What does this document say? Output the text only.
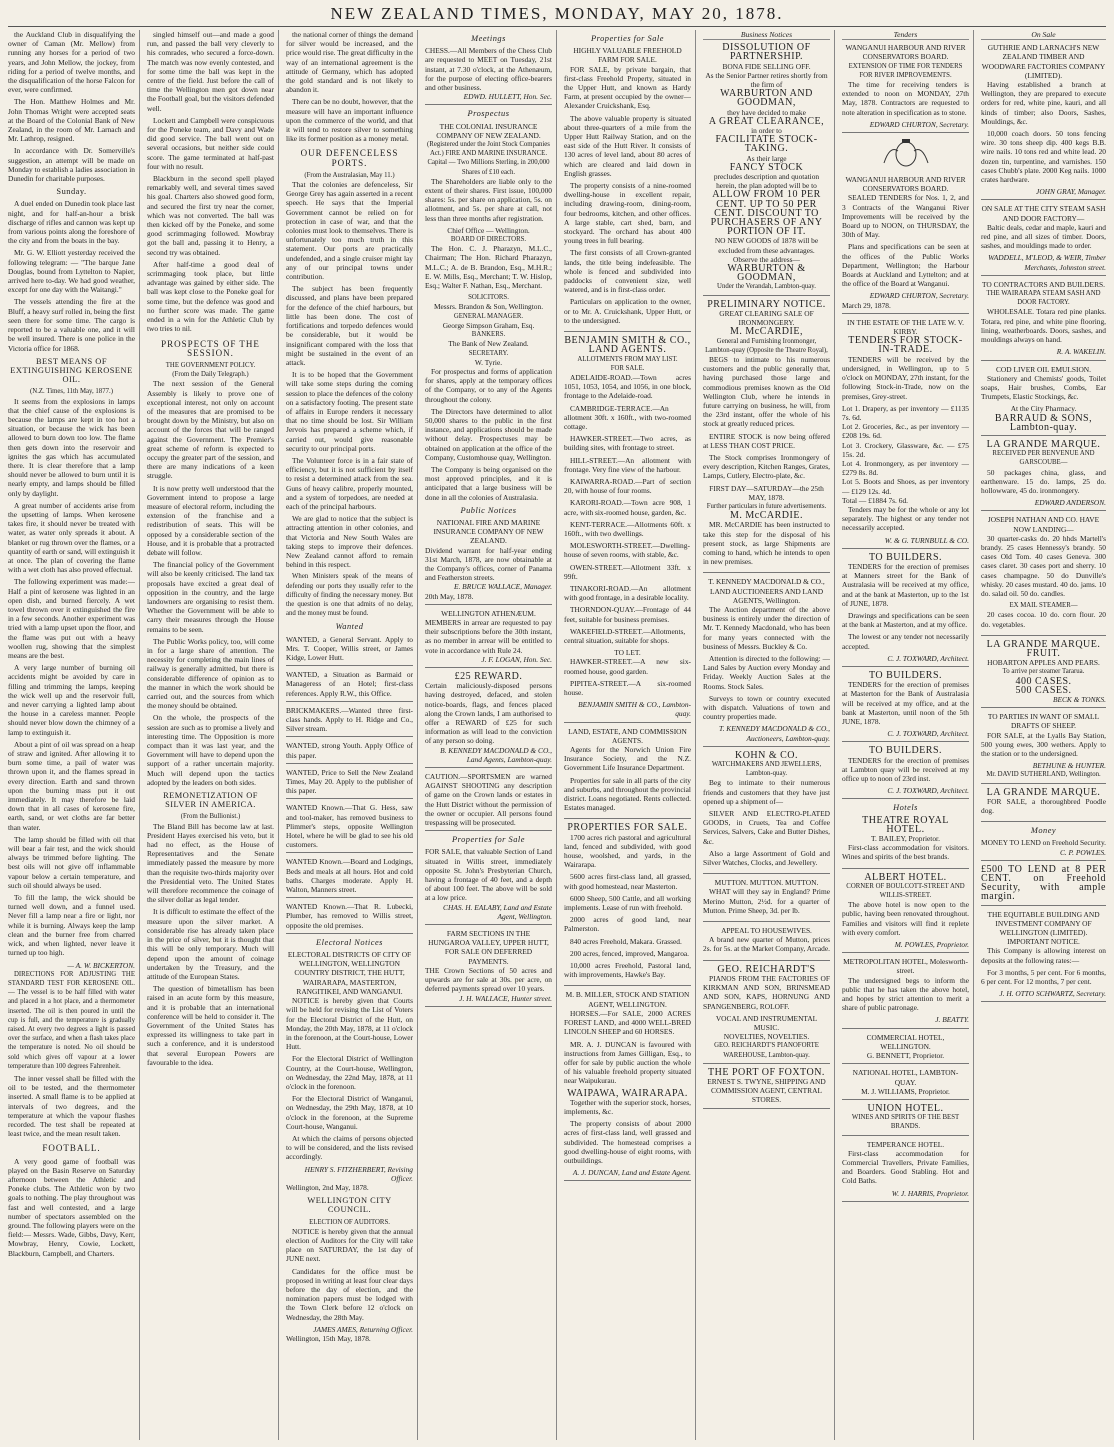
NEW ZEALAND TIMES, MONDAY, MAY 20, 1878.

the Auckland Club in disqualifying the owner of Caman (Mr. Mellow) from running any horses for a period of two years, and John Mellow, the jockey, from riding for a period of twelve months, and the disqualification of the horse Falcon for ever, were confirmed.

The Hon. Matthew Holmes and Mr. John Thomas Wright were accepted seats at the Board of the Colonial Bank of New Zealand, in the room of Mr. Larnach and Mr. Lathrop, resigned.

In accordance with Dr. Somerville's suggestion, an attempt will be made on Monday to establish a ladies association in Dunedin for charitable purposes.

Sunday.

A duel ended on Dunedin took place last night, and for half-an-hour a brisk discharge of rifles and cannon was kept up from various points along the foreshore of the city and from the boats in the bay.

Mr. G. W. Elliott yesterday received the following telegram: — "The barque Jane Douglas, bound from Lyttelton to Napier, arrived here to-day. We had good weather, except for one day with the Waitangi."

The vessels attending the fire at the Bluff, a heavy surf rolled in, being the first seen there for some time. The cargo is reported to be a valuable one, and it will be well insured. There is one police in the Victoria office for 1868.

BEST MEANS OF EXTINGUISHING KEROSENE OIL.
(N.Z. Times, 11th May, 1877.)

It seems from the explosions in lamps that the chief cause of the explosions is because the lamps are kept in too hot a situation, or because the wick has been allowed to burn down too low. The flame then gets down into the reservoir and ignites the gas which has accumulated there. It is clear therefore that a lamp should never be allowed to burn until it is nearly empty, and lamps should be filled only by daylight.

A great number of accidents arise from the upsetting of lamps. When kerosene takes fire, it should never be treated with water, as water only spreads it about. A blanket or rug thrown over the flames, or a quantity of earth or sand, will extinguish it at once. The plan of covering the flame with a wet cloth has also proved effectual.

The following experiment was made:— Half a pint of kerosene was lighted in an open dish, and burned fiercely. A wet towel thrown over it extinguished the fire in a few seconds. Another experiment was tried with a lamp upset upon the floor, and the flame was put out with a heavy woollen rug, showing that the simplest means are the best.

A very large number of burning oil accidents might be avoided by care in filling and trimming the lamps, keeping the wick well up and the reservoir full, and never carrying a lighted lamp about the house in a careless manner. People should never blow down the chimney of a lamp to extinguish it.

About a pint of oil was spread on a heap of straw and ignited. After allowing it to burn some time, a pail of water was thrown upon it, and the flames spread in every direction. Earth and sand thrown upon the burning mass put it out immediately. It may therefore be laid down that in all cases of kerosene fire, earth, sand, or wet cloths are far better than water.

The lamp should be filled with oil that will bear a fair test, and the wick should always be trimmed before lighting. The best oils will not give off inflammable vapour below a certain temperature, and such oil should always be used.

To fill the lamp, the wick should be turned well down, and a funnel used. Never fill a lamp near a fire or light, nor while it is burning. Always keep the lamp clean and the burner free from charred wick, and when lighted, never leave it turned up too high.

— A. W. BICKERTON.

DIRECTIONS FOR ADJUSTING THE STANDARD TEST FOR KEROSENE OIL.— The vessel is to be half filled with water and placed in a hot place, and a thermometer inserted. The oil is then poured in until the cup is full, and the temperature is gradually raised. At every two degrees a light is passed over the surface, and when a flash takes place the temperature is noted. No oil should be sold which gives off vapour at a lower temperature than 100 degrees Fahrenheit.

The inner vessel shall be filled with the oil to be tested, and the thermometer inserted. A small flame is to be applied at intervals of two degrees, and the temperature at which the vapour flashes recorded. The test shall be repeated at least twice, and the mean result taken.

FOOTBALL.

A very good game of football was played on the Basin Reserve on Saturday afternoon between the Athletic and Poneke clubs. The Athletic won by two goals to nothing. The play throughout was fast and well contested, and a large number of spectators assembled on the ground. The following players were on the field:— Messrs. Wade, Gibbs, Davy, Kerr, Mowbray, Henry, Cowie, Lockett, Blackburn, Campbell, and Charters.

singled himself out—and made a good run, and passed the ball very cleverly to his comrades, who secured a force-down. The match was now evenly contested, and for some time the ball was kept in the centre of the field. Just before the call of time the Wellington men got down near the Football goal, but the visitors defended well.

Lockett and Campbell were conspicuous for the Poneke team, and Davy and Wade did good service. The ball went out on several occasions, but neither side could score. The game terminated at half-past four with no result.

Blackburn in the second spell played remarkably well, and several times saved his goal. Charters also showed good form, and secured the first try near the corner, which was not converted. The ball was then kicked off by the Poneke, and some good scrimmaging followed. Mowbray got the ball and, passing it to Henry, a second try was obtained.

After half-time a good deal of scrimmaging took place, but little advantage was gained by either side. The ball was kept close to the Poneke goal for some time, but the defence was good and no further score was made. The game ended in a win for the Athletic Club by two tries to nil.

PROSPECTS OF THE SESSION.
THE GOVERNMENT POLICY.
(From the Daily Telegraph.)

The next session of the General Assembly is likely to prove one of exceptional interest, not only on account of the measures that are promised to be brought down by the Ministry, but also on account of the forces that will be ranged against the Government. The Premier's great scheme of reform is expected to occupy the greater part of the session, and there are many indications of a keen struggle.

It is now pretty well understood that the Government intend to propose a large measure of electoral reform, including the extension of the franchise and a redistribution of seats. This will be opposed by a considerable section of the House, and it is probable that a protracted debate will follow.

The financial policy of the Government will also be keenly criticised. The land tax proposals have excited a great deal of opposition in the country, and the large landowners are organising to resist them. Whether the Government will be able to carry their measures through the House remains to be seen.

The Public Works policy, too, will come in for a large share of attention. The necessity for completing the main lines of railway is generally admitted, but there is considerable difference of opinion as to the manner in which the work should be carried out, and the sources from which the money should be obtained.

On the whole, the prospects of the session are such as to promise a lively and interesting time. The Opposition is more compact than it was last year, and the Government will have to depend upon the support of a rather uncertain majority. Much will depend upon the tactics adopted by the leaders on both sides.

REMONETIZATION OF SILVER IN AMERICA.
(From the Bullionist.)

The Bland Bill has become law at last. President Hayes exercised his veto, but it had no effect, as the House of Representatives and the Senate immediately passed the measure by more than the requisite two-thirds majority over the Presidential veto. The United States will therefore recommence the coinage of the silver dollar as legal tender.

It is difficult to estimate the effect of the measure upon the silver market. A considerable rise has already taken place in the price of silver, but it is thought that this will be only temporary. Much will depend upon the amount of coinage undertaken by the Treasury, and the attitude of the European States.

The question of bimetallism has been raised in an acute form by this measure, and it is probable that an international conference will be held to consider it. The Government of the United States has expressed its willingness to take part in such a conference, and it is understood that several European Powers are favourable to the idea.

the national corner of things the demand for silver would be increased, and the price would rise. The great difficulty in the way of an international agreement is the attitude of Germany, which has adopted the gold standard and is not likely to abandon it.

There can be no doubt, however, that the measure will have an important influence upon the commerce of the world, and that it will tend to restore silver to something like its former position as a money metal.

OUR DEFENCELESS PORTS.
(From the Australasian, May 11.)

That the colonies are defenceless, Sir George Grey has again asserted in a recent speech. He says that the Imperial Government cannot be relied on for protection in case of war, and that the colonies must look to themselves. There is unfortunately too much truth in this statement. Our ports are practically undefended, and a single cruiser might lay any of our principal towns under contribution.

The subject has been frequently discussed, and plans have been prepared for the defence of the chief harbours, but little has been done. The cost of fortifications and torpedo defences would be considerable, but it would be insignificant compared with the loss that might be sustained in the event of an attack.

It is to be hoped that the Government will take some steps during the coming session to place the defences of the colony on a satisfactory footing. The present state of affairs in Europe renders it necessary that no time should be lost. Sir William Jervois has prepared a scheme which, if carried out, would give reasonable security to our principal ports.

The Volunteer force is in a fair state of efficiency, but it is not sufficient by itself to resist a determined attack from the sea. Guns of heavy calibre, properly mounted, and a system of torpedoes, are needed at each of the principal harbours.

We are glad to notice that the subject is attracting attention in other colonies, and that Victoria and New South Wales are taking steps to improve their defences. New Zealand cannot afford to remain behind in this respect.

When Ministers speak of the means of defending our ports they usually refer to the difficulty of finding the necessary money. But the question is one that admits of no delay, and the money must be found.

Wanted
WANTED, a General Servant. Apply to Mrs. T. Cooper, Willis street, or James Kidge, Lower Hutt.
WANTED, a Situation as Barmaid or Manageress of an Hotel; first-class references. Apply R.W., this Office.
BRICKMAKERS.—Wanted three first-class hands. Apply to H. Ridge and Co., Silver stream.
WANTED, strong Youth. Apply Office of this paper.
WANTED, Price to Sell the New Zealand Times, May 20. Apply to the publisher of this paper.
WANTED Known.—That G. Hess, saw and tool-maker, has removed business to Plimmer's steps, opposite Wellington Hotel, where he will be glad to see his old customers.
WANTED Known.—Board and Lodgings, Beds and meals at all hours. Hot and cold baths. Charges moderate. Apply H. Walton, Manners street.
WANTED Known.—That R. Lubecki, Plumber, has removed to Willis street, opposite the old premises.
Electoral Notices
ELECTORAL DISTRICTS OF CITY OF WELLINGTON, WELLINGTON COUNTRY DISTRICT, THE HUTT, WAIRARAPA, MASTERTON, RANGITIKEI, AND WANGANUI.

NOTICE is hereby given that Courts will be held for revising the List of Voters for the Electoral District of the Hutt, on Monday, the 20th May, 1878, at 11 o'clock in the forenoon, at the Court-house, Lower Hutt.

For the Electoral District of Wellington Country, at the Court-house, Wellington, on Wednesday, the 22nd May, 1878, at 11 o'clock in the forenoon.

For the Electoral District of Wanganui, on Wednesday, the 29th May, 1878, at 10 o'clock in the forenoon, at the Supreme Court-house, Wanganui.

At which the claims of persons objected to will be considered, and the lists revised accordingly.

HENRY S. FITZHERBERT, Revising Officer.
Wellington, 2nd May, 1878.
WELLINGTON CITY COUNCIL.
ELECTION OF AUDITORS.

NOTICE is hereby given that the annual election of Auditors for the City will take place on SATURDAY, the 1st day of JUNE next.

Candidates for the office must be proposed in writing at least four clear days before the day of election, and the nomination papers must be lodged with the Town Clerk before 12 o'clock on Wednesday, the 28th May.

JAMES AMES, Returning Officer.
Wellington, 15th May, 1878.
Meetings
CHESS.—All Members of the Chess Club are requested to MEET on Tuesday, 21st instant, at 7.30 o'clock, at the Athenæum, for the purpose of electing office-bearers and other business.
EDWD. HULLETT, Hon. Sec.
Prospectus
THE COLONIAL INSURANCE COMPANY OF NEW ZEALAND.
(Registered under the Joint Stock Companies Act.) FIRE AND MARINE INSURANCE.
Capital — Two Millions Sterling, in 200,000 Shares of £10 each.

The Shareholders are liable only to the extent of their shares. First issue, 100,000 shares: 5s. per share on application, 5s. on allotment, and 5s. per share at call, not less than three months after registration.

Chief Office — Wellington.
BOARD OF DIRECTORS.

The Hon. C. J. Pharazyn, M.L.C., Chairman; The Hon. Richard Pharazyn, M.L.C.; A. de B. Brandon, Esq., M.H.R.; E. W. Mills, Esq., Merchant; T. W. Hislop, Esq.; Walter F. Nathan, Esq., Merchant.

SOLICITORS.
Messrs. Brandon & Son, Wellington.
GENERAL MANAGER.
George Simpson Graham, Esq.
BANKERS.
The Bank of New Zealand.
SECRETARY.
W. Tyrie.

For prospectus and forms of application for shares, apply at the temporary offices of the Company, or to any of the Agents throughout the colony.

The Directors have determined to allot 50,000 shares to the public in the first instance, and applications should be made without delay. Prospectuses may be obtained on application at the office of the Company, Customhouse quay, Wellington.

The Company is being organised on the most approved principles, and it is anticipated that a large business will be done in all the colonies of Australasia.

Public Notices
NATIONAL FIRE AND MARINE INSURANCE COMPANY OF NEW ZEALAND.
Dividend warrant for half-year ending 31st March, 1878, are now obtainable at the Company's offices, corner of Panama and Featherston streets.
E. BRUCE WALLACE, Manager.
20th May, 1878.
WELLINGTON ATHENÆUM.
MEMBERS in arrear are requested to pay their subscriptions before the 30th instant, as no member in arrear will be entitled to vote in accordance with Rule 24.
J. F. LOGAN, Hon. Sec.
£25 REWARD.
Certain maliciously-disposed persons having destroyed, defaced, and stolen notice-boards, flags, and fences placed along the Crown lands, I am authorised to offer a REWARD of £25 for such information as will lead to the conviction of any person so doing.
B. KENNEDY MACDONALD & CO., Land Agents, Lambton-quay.
CAUTION.—SPORTSMEN are warned AGAINST SHOOTING any description of game on the Crown lands or estates in the Hutt District without the permission of the owner or occupier. All persons found trespassing will be prosecuted.
Properties for Sale
FOR SALE, that valuable Section of Land situated in Willis street, immediately opposite St. John's Presbyterian Church, having a frontage of 40 feet, and a depth of about 100 feet. The above will be sold at a low price.
CHAS. H. EALABY, Land and Estate Agent, Wellington.
FARM SECTIONS IN THE HUNGAROA VALLEY, UPPER HUTT, FOR SALE ON DEFERRED PAYMENTS.
THE Crown Sections of 50 acres and upwards are for sale at 30s. per acre, on deferred payments spread over 10 years.
J. H. WALLACE, Hunter street.
Properties for Sale
HIGHLY VALUABLE FREEHOLD FARM FOR SALE.

FOR SALE, by private bargain, that first-class Freehold Property, situated in the Upper Hutt, and known as Hardy Farm, at present occupied by the owner—Alexander Cruickshank, Esq.

The above valuable property is situated about three-quarters of a mile from the Upper Hutt Railway Station, and on the east side of the Hutt River. It consists of 130 acres of level land, about 80 acres of which are cleared and laid down in English grasses.

The property consists of a nine-roomed dwelling-house in excellent repair, including drawing-room, dining-room, four bedrooms, kitchen, and other offices. A large stable, cart shed, barn, and stockyard. The orchard has about 400 young trees in full bearing.

The first consists of all Crown-granted lands, the title being indefeasible. The whole is fenced and subdivided into paddocks of convenient size, well watered, and is in first-class order.

Particulars on application to the owner, or to Mr. A. Cruickshank, Upper Hutt, or to the undersigned.

BENJAMIN SMITH & CO., LAND AGENTS.
ALLOTMENTS FROM MAY LIST.
FOR SALE.

ADELAIDE-ROAD.—Town acres 1051, 1053, 1054, and 1056, in one block, frontage to the Adelaide-road.

CAMBRIDGE-TERRACE.—An allotment 30ft. x 160ft., with two-roomed cottage.

HAWKER-STREET.—Two acres, as building sites, with frontage to street.

HILL-STREET.—An allotment with frontage. Very fine view of the harbour.

KAIWARRA-ROAD.—Part of section 20, with house of four rooms.

KARORI-ROAD.—Town acre 908, 1 acre, with six-roomed house, garden, &c.

KENT-TERRACE.—Allotments 60ft. x 160ft., with two dwellings.

MOLESWORTH-STREET.—Dwelling-house of seven rooms, with stable, &c.

OWEN-STREET.—Allotment 33ft. x 99ft.

TINAKORI-ROAD.—An allotment with good frontage, in a desirable locality.

THORNDON-QUAY.—Frontage of 44 feet, suitable for business premises.

WAKEFIELD-STREET.—Allotments, central situation, suitable for shops.

TO LET.

HAWKER-STREET.—A new six-roomed house, good garden.

PIPITEA-STREET.—A six-roomed house.

BENJAMIN SMITH & CO., Lambton-quay.
LAND, ESTATE, AND COMMISSION AGENTS.

Agents for the Norwich Union Fire Insurance Society, and the N.Z. Government Life Insurance Department.

Properties for sale in all parts of the city and suburbs, and throughout the provincial district. Loans negotiated. Rents collected. Estates managed.

PROPERTIES FOR SALE.

1700 acres rich pastoral and agricultural land, fenced and subdivided, with good house, woolshed, and yards, in the Wairarapa.

5600 acres first-class land, all grassed, with good homestead, near Masterton.

6000 Sheep, 500 Cattle, and all working implements. Lease of run with freehold.

2000 acres of good land, near Palmerston.

840 acres Freehold, Makara. Grassed.

200 acres, fenced, improved, Mangaroa.

10,000 acres Freehold, Pastoral land, with improvements, Hawke's Bay.

M. B. MILLER, STOCK AND STATION AGENT, WELLINGTON.

HORSES.—For SALE, 2000 ACRES FOREST LAND, and 4000 WELL-BRED LINCOLN SHEEP and 60 HORSES.

MR. A. J. DUNCAN is favoured with instructions from James Gilligan, Esq., to offer for sale by public auction the whole of his valuable freehold property situated near Waipukurau.

WAIPAWA, WAIRARAPA.

Together with the superior stock, horses, implements, &c.

The property consists of about 2000 acres of first-class land, well grassed and subdivided. The homestead comprises a good dwelling-house of eight rooms, with outbuildings.

A. J. DUNCAN, Land and Estate Agent.
Business Notices
DISSOLUTION OF PARTNERSHIP.
BONA FIDE SELLING OFF.
As the Senior Partner retires shortly from the firm of
WARBURTON AND GOODMAN,
they have decided to make
A GREAT CLEARANCE,
in order to
FACILITATE STOCK-TAKING.
As their large
FANCY STOCK
precludes description and quotation herein, the plan adopted will be to
ALLOW FROM 10 PER CENT. UP TO 50 PER CENT. DISCOUNT TO PURCHASERS OF ANY PORTION OF IT.
NO NEW GOODS of 1878 will be excluded from these advantages.
Observe the address—
WARBURTON & GOODMAN,
Under the Verandah, Lambton-quay.
PRELIMINARY NOTICE.
GREAT CLEARING SALE OF IRONMONGERY.
M. McCARDIE,
General and Furnishing Ironmonger, Lambton-quay (Opposite the Theatre Royal),

BEGS to intimate to his numerous customers and the public generally that, having purchased those large and commodious premises known as the Old Wellington Club, where he intends in future carrying on business, he will, from the 23rd instant, offer the whole of his stock at greatly reduced prices.

ENTIRE STOCK is now being offered at LESS THAN COST PRICE.

The Stock comprises Ironmongery of every description, Kitchen Ranges, Grates, Lamps, Cutlery, Electro-plate, &c.

FIRST DAY—SATURDAY—the 25th MAY, 1878.
Further particulars in future advertisements.
M. McCARDIE.

MR. McCARDIE has been instructed to take this step for the disposal of his present stock, as large Shipments are coming to hand, which he intends to open in new premises.

T. KENNEDY MACDONALD & CO., LAND AUCTIONEERS AND LAND AGENTS, Wellington.

The Auction department of the above business is entirely under the direction of Mr. T. Kennedy Macdonald, who has been for many years connected with the business of Messrs. Buckley & Co.

Attention is directed to the following: — Land Sales by Auction every Monday and Friday. Weekly Auction Sales at the Rooms. Stock Sales.

Surveys to town or country executed with dispatch. Valuations of town and country properties made.

T. KENNEDY MACDONALD & CO., Auctioneers, Lambton-quay.
KOHN & CO.
WATCHMAKERS AND JEWELLERS, Lambton-quay.

Beg to intimate to their numerous friends and customers that they have just opened up a shipment of—

SILVER AND ELECTRO-PLATED GOODS, in Cruets, Tea and Coffee Services, Salvers, Cake and Butter Dishes, &c.

Also a large Assortment of Gold and Silver Watches, Clocks, and Jewellery.

MUTTON. MUTTON. MUTTON.

WHAT will they say in England? Prime Merino Mutton, 2½d. for a quarter of Mutton. Prime Sheep, 3d. per lb.

APPEAL TO HOUSEWIVES.

A brand new quarter of Mutton, prices 2s. for 5s. at the Market Company, Arcade.

GEO. REICHARDT'S

PIANOS FROM THE FACTORIES OF KIRKMAN AND SON, BRINSMEAD AND SON, KAPS, HORNUNG AND SPANGENBERG, ROLOFF.

VOCAL AND INSTRUMENTAL MUSIC.
NOVELTIES, NOVELTIES.
GEO. REICHARDT'S PIANOFORTE WAREHOUSE, Lambton-quay.
THE PORT OF FOXTON.
ERNEST S. TWYNE, SHIPPING AND COMMISSION AGENT, CENTRAL STORES.
Tenders
WANGANUI HARBOUR AND RIVER CONSERVATORS BOARD.
EXTENSION OF TIME FOR TENDERS FOR RIVER IMPROVEMENTS.

The time for receiving tenders is extended to noon on MONDAY, 27th May, 1878. Contractors are requested to note alteration in specification as to stone.

EDWARD CHURTON, Secretary.
WANGANUI HARBOUR AND RIVER CONSERVATORS BOARD.

SEALED TENDERS for Nos. 1, 2, and 3 Contracts of the Wanganui River Improvements will be received by the Board up to NOON, on THURSDAY, the 30th of May.

Plans and specifications can be seen at the offices of the Public Works Department, Wellington; the Harbour Boards at Auckland and Lyttelton; and at the office of the Board at Wanganui.

EDWARD CHURTON, Secretary.
March 29, 1878.
IN THE ESTATE OF THE LATE W. V. KIRBY.
TENDERS FOR STOCK-IN-TRADE.

TENDERS will be received by the undersigned, in Wellington, up to 5 o'clock on MONDAY, 27th instant, for the following Stock-in-Trade, now on the premises, Grey-street.

Lot 1. Drapery, as per inventory — £1135 7s. 6d.
Lot 2. Groceries, &c., as per inventory — £208 19s. 6d.
Lot 3. Crockery, Glassware, &c. — £75 15s. 2d.
Lot 4. Ironmongery, as per inventory — £279 8s. 8d.
Lot 5. Boots and Shoes, as per inventory — £129 12s. 4d.
Total — £1884 7s. 6d.

Tenders may be for the whole or any lot separately. The highest or any tender not necessarily accepted.

W. & G. TURNBULL & CO.
TO BUILDERS.

TENDERS for the erection of premises at Manners street for the Bank of Australasia will be received at my office, and at the bank at Masterton, up to the 1st of JUNE, 1878.

Drawings and specifications can be seen at the bank at Masterton, and at my office.

The lowest or any tender not necessarily accepted.

C. J. TOXWARD, Architect.
TO BUILDERS.

TENDERS for the erection of premises at Masterton for the Bank of Australasia will be received at my office, and at the bank at Masterton, until noon of the 5th JUNE, 1878.

C. J. TOXWARD, Architect.
TO BUILDERS.

TENDERS for the erection of premises at Lambton quay will be received at my office up to noon of 23rd inst.

C. J. TOXWARD, Architect.
Hotels
THEATRE ROYAL HOTEL.
T. BAILEY, Proprietor.

First-class accommodation for visitors. Wines and spirits of the best brands.

ALBERT HOTEL.
CORNER OF BOULCOTT-STREET AND WILLIS-STREET.

The above hotel is now open to the public, having been renovated throughout. Families and visitors will find it replete with every comfort.

M. POWLES, Proprietor.
METROPOLITAN HOTEL, Molesworth-street.

The undersigned begs to inform the public that he has taken the above hotel, and hopes by strict attention to merit a share of public patronage.

J. BEATTY.
COMMERCIAL HOTEL, WELLINGTON.
G. BENNETT, Proprietor.
NATIONAL HOTEL, LAMBTON-QUAY.
M. J. WILLIAMS, Proprietor.
UNION HOTEL.
WINES AND SPIRITS OF THE BEST BRANDS.
TEMPERANCE HOTEL.

First-class accommodation for Commercial Travellers, Private Families, and Boarders. Good Stabling. Hot and Cold Baths.

W. J. HARRIS, Proprietor.
On Sale
GUTHRIE AND LARNACH'S NEW ZEALAND TIMBER AND WOODWARE FACTORIES COMPANY (LIMITED).

Having established a branch at Wellington, they are prepared to execute orders for red, white pine, kauri, and all kinds of timber; also Doors, Sashes, Mouldings, &c.

10,000 coach doors. 50 tons fencing wire. 30 tons sheep dip. 400 kegs B.B. wire nails. 10 tons red and white lead. 20 dozen tin, turpentine, and varnishes. 150 cases Chubb's plate. 2000 Keg nails. 1000 crates hardware.

JOHN GRAY, Manager.
ON SALE AT THE CITY STEAM SASH AND DOOR FACTORY—

Baltic deals, cedar and maple, kauri and red pine, and all sizes of timber. Doors, sashes, and mouldings made to order.

WADDELL, M'LEOD, & WEIR, Timber Merchants, Johnston street.
TO CONTRACTORS AND BUILDERS.
THE WAIRARAPA STEAM SASH AND DOOR FACTORY.

WHOLESALE. Totara red pine planks. Totara, red pine, and white pine flooring, lining, weatherboards. Doors, sashes, and mouldings always on hand.

R. A. WAKELIN.
COD LIVER OIL EMULSION.

Stationery and Chemists' goods, Toilet soaps, Hair brushes, Combs, Ear Trumpets, Elastic Stockings, &c.

At the City Pharmacy.
BARRAUD & SONS, Lambton-quay.
LA GRANDE MARQUE.
RECEIVED PER BENVENUE AND GARSCOUBE—

50 packages china, glass, and earthenware. 15 do. lamps, 25 do. hollowware, 45 do. ironmongery.

EDWARD ANDERSON.
JOSEPH NATHAN AND CO. HAVE NOW LANDING—

30 quarter-casks do. 20 hhds Martell's brandy. 25 cases Hennessy's brandy. 50 cases Old Tom. 40 cases Geneva. 300 cases claret. 30 cases port and sherry. 10 cases champagne. 50 do Dunville's whisky. 20 cases mustard. 40 do. jams. 10 do. salad oil. 50 do. candles.

EX MAIL STEAMER—

20 cases cocoa. 10 do. corn flour. 20 do. vegetables.

LA GRANDE MARQUE.
FRUIT.
HOBARTON APPLES AND PEARS.
To arrive per steamer Tararua.
400 CASES.
500 CASES.
BECK & TONKS.
TO PARTIES IN WANT OF SMALL DRAFTS OF SHEEP.

FOR SALE, at the Lyalls Bay Station, 500 young ewes, 300 wethers. Apply to the station or to the undersigned.

BETHUNE & HUNTER.
Mr. DAVID SUTHERLAND, Wellington.
LA GRANDE MARQUE.

FOR SALE, a thoroughbred Poodle dog.

Money
MONEY TO LEND on Freehold Security.
C. P. POWLES.
£500 TO LEND at 8 PER CENT. on Freehold Security, with ample margin.
THE EQUITABLE BUILDING AND INVESTMENT COMPANY OF WELLINGTON (LIMITED).
IMPORTANT NOTICE.

This Company is allowing interest on deposits at the following rates:—

For 3 months, 5 per cent. For 6 months, 6 per cent. For 12 months, 7 per cent.

J. H. OTTO SCHWARTZ, Secretary.
